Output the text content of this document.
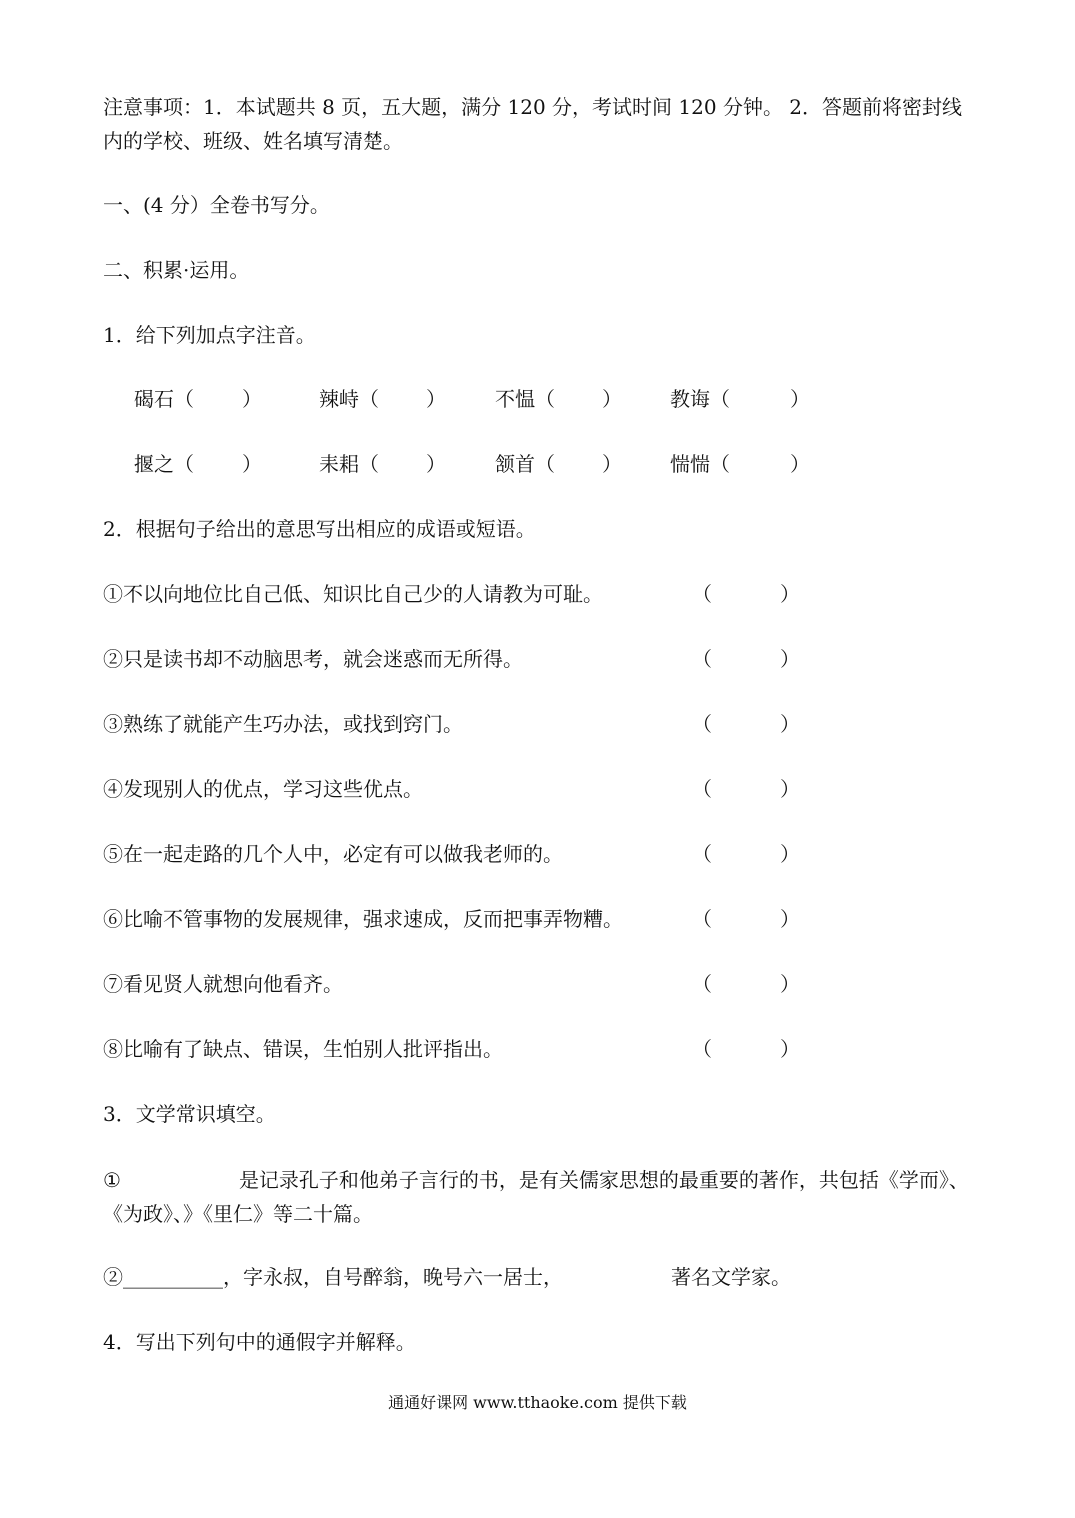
注意事项：1．本试题共 8 页，五大题，满分 120 分，考试时间 120 分钟。 2．答题前将密封线内的学校、班级、姓名填写清楚。

一、(4 分）全卷书写分。

二、积累·运用。

1．给下列加点字注音。

碣石（ ）	辣峙（ ） 不愠（ ） 教诲（	）
揠之（ ）	耒耜（ ） 颔首（ ） 惴惴（	）

2．根据句子给出的意思写出相应的成语或短语。

①不以向地位比自己低、知识比自己少的人请教为可耻。	（	）

②只是读书却不动脑思考，就会迷惑而无所得。	（	）

③熟练了就能产生巧办法，或找到窍门。	（	）

④发现别人的优点，学习这些优点。	（	）

⑤在一起走路的几个人中，必定有可以做我老师的。	（	）

⑥比喻不管事物的发展规律，强求速成，反而把事弄物糟。	（	）

⑦看见贤人就想向他看齐。	（	）

⑧比喻有了缺点、错误，生怕别人批评指出。	（	）

3．文学常识填空。

①	是记录孔子和他弟子言行的书，是有关儒家思想的最重要的著作，共包括《学而》、《为政》、》《里仁》等二十篇。

②__________，字永叔，自号醉翁，晚号六一居士，	著名文学家。

4．写出下列句中的通假字并解释。

通通好课网 www.tthaoke.com 提供下载
